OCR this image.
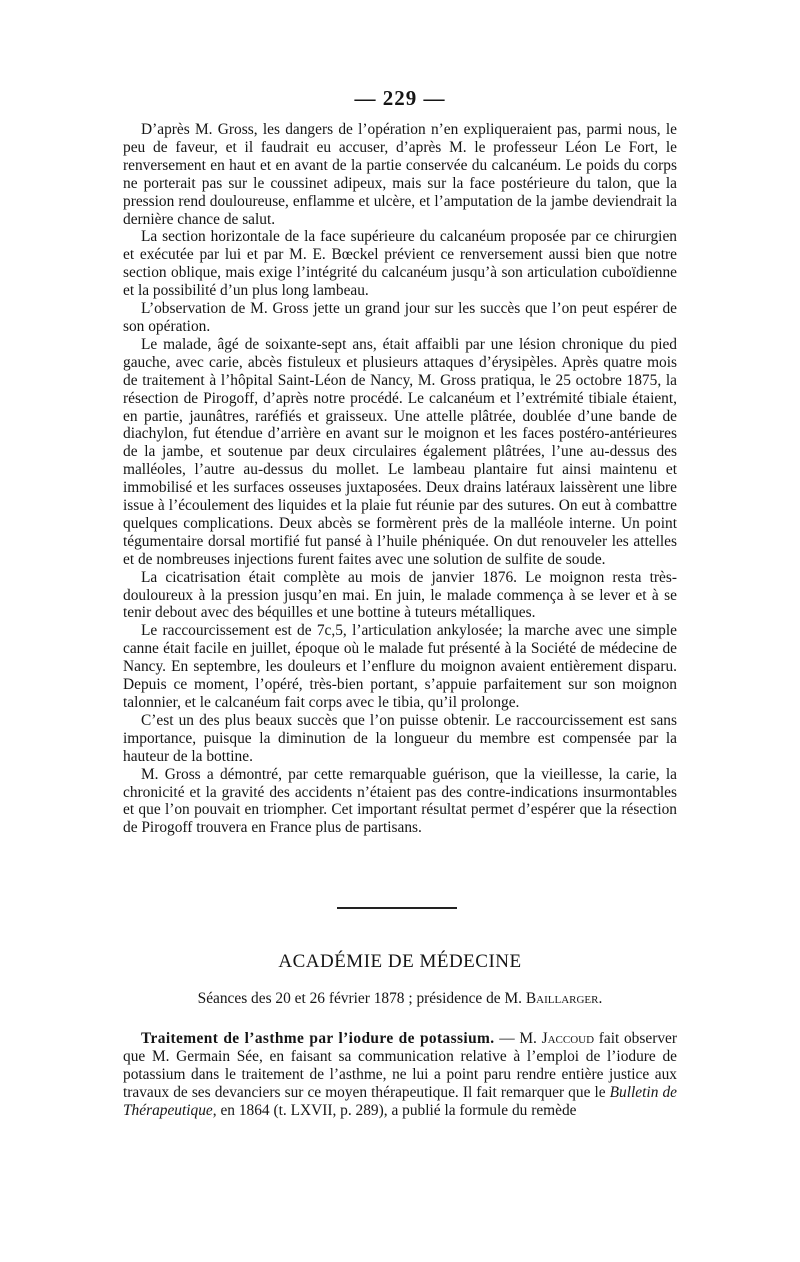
— 229 —

D’après M. Gross, les dangers de l’opération n’en expliqueraient pas, parmi nous, le peu de faveur, et il faudrait eu accuser, d’après M. le professeur Léon Le Fort, le renversement en haut et en avant de la partie conservée du calcanéum. Le poids du corps ne porterait pas sur le coussinet adipeux, mais sur la face postérieure du talon, que la pression rend douloureuse, enflamme et ulcère, et l’amputation de la jambe deviendrait la dernière chance de salut.

La section horizontale de la face supérieure du calcanéum proposée par ce chirurgien et exécutée par lui et par M. E. Bœckel prévient ce renversement aussi bien que notre section oblique, mais exige l’intégrité du calcanéum jusqu’à son articulation cuboïdienne et la possibilité d’un plus long lambeau.

L’observation de M. Gross jette un grand jour sur les succès que l’on peut espérer de son opération.

Le malade, âgé de soixante-sept ans, était affaibli par une lésion chronique du pied gauche, avec carie, abcès fistuleux et plusieurs attaques d’érysipèles. Après quatre mois de traitement à l’hôpital Saint-Léon de Nancy, M. Gross pratiqua, le 25 octobre 1875, la résection de Pirogoff, d’après notre procédé. Le calcanéum et l’extrémité tibiale étaient, en partie, jaunâtres, raréfiés et graisseux. Une attelle plâtrée, doublée d’une bande de diachylon, fut étendue d’arrière en avant sur le moignon et les faces postéro-antérieures de la jambe, et soutenue par deux circulaires également plâtrées, l’une au-dessus des malléoles, l’autre au-dessus du mollet. Le lambeau plantaire fut ainsi maintenu et immobilisé et les surfaces osseuses juxtaposées. Deux drains latéraux laissèrent une libre issue à l’écoulement des liquides et la plaie fut réunie par des sutures. On eut à combattre quelques complications. Deux abcès se formèrent près de la malléole interne. Un point tégumentaire dorsal mortifié fut pansé à l’huile phéniquée. On dut renouveler les attelles et de nombreuses injections furent faites avec une solution de sulfite de soude.

La cicatrisation était complète au mois de janvier 1876. Le moignon resta très-douloureux à la pression jusqu’en mai. En juin, le malade commença à se lever et à se tenir debout avec des béquilles et une bottine à tuteurs métalliques.

Le raccourcissement est de 7c,5, l’articulation ankylosée; la marche avec une simple canne était facile en juillet, époque où le malade fut présenté à la Société de médecine de Nancy. En septembre, les douleurs et l’enflure du moignon avaient entièrement disparu. Depuis ce moment, l’opéré, très-bien portant, s’appuie parfaitement sur son moignon talonnier, et le calcanéum fait corps avec le tibia, qu’il prolonge.

C’est un des plus beaux succès que l’on puisse obtenir. Le raccourcissement est sans importance, puisque la diminution de la longueur du membre est compensée par la hauteur de la bottine.

M. Gross a démontré, par cette remarquable guérison, que la vieillesse, la carie, la chronicité et la gravité des accidents n’étaient pas des contre-indications insurmontables et que l’on pouvait en triompher. Cet important résultat permet d’espérer que la résection de Pirogoff trouvera en France plus de partisans.

ACADÉMIE DE MÉDECINE
Séances des 20 et 26 février 1878 ; présidence de M. Baillarger.
Traitement de l’asthme par l’iodure de potassium. — M. Jaccoud fait observer que M. Germain Sée, en faisant sa communication relative à l’emploi de l’iodure de potassium dans le traitement de l’asthme, ne lui a point paru rendre entière justice aux travaux de ses devanciers sur ce moyen thérapeutique. Il fait remarquer que le Bulletin de Thérapeutique, en 1864 (t. LXVII, p. 289), a publié la formule du remède
